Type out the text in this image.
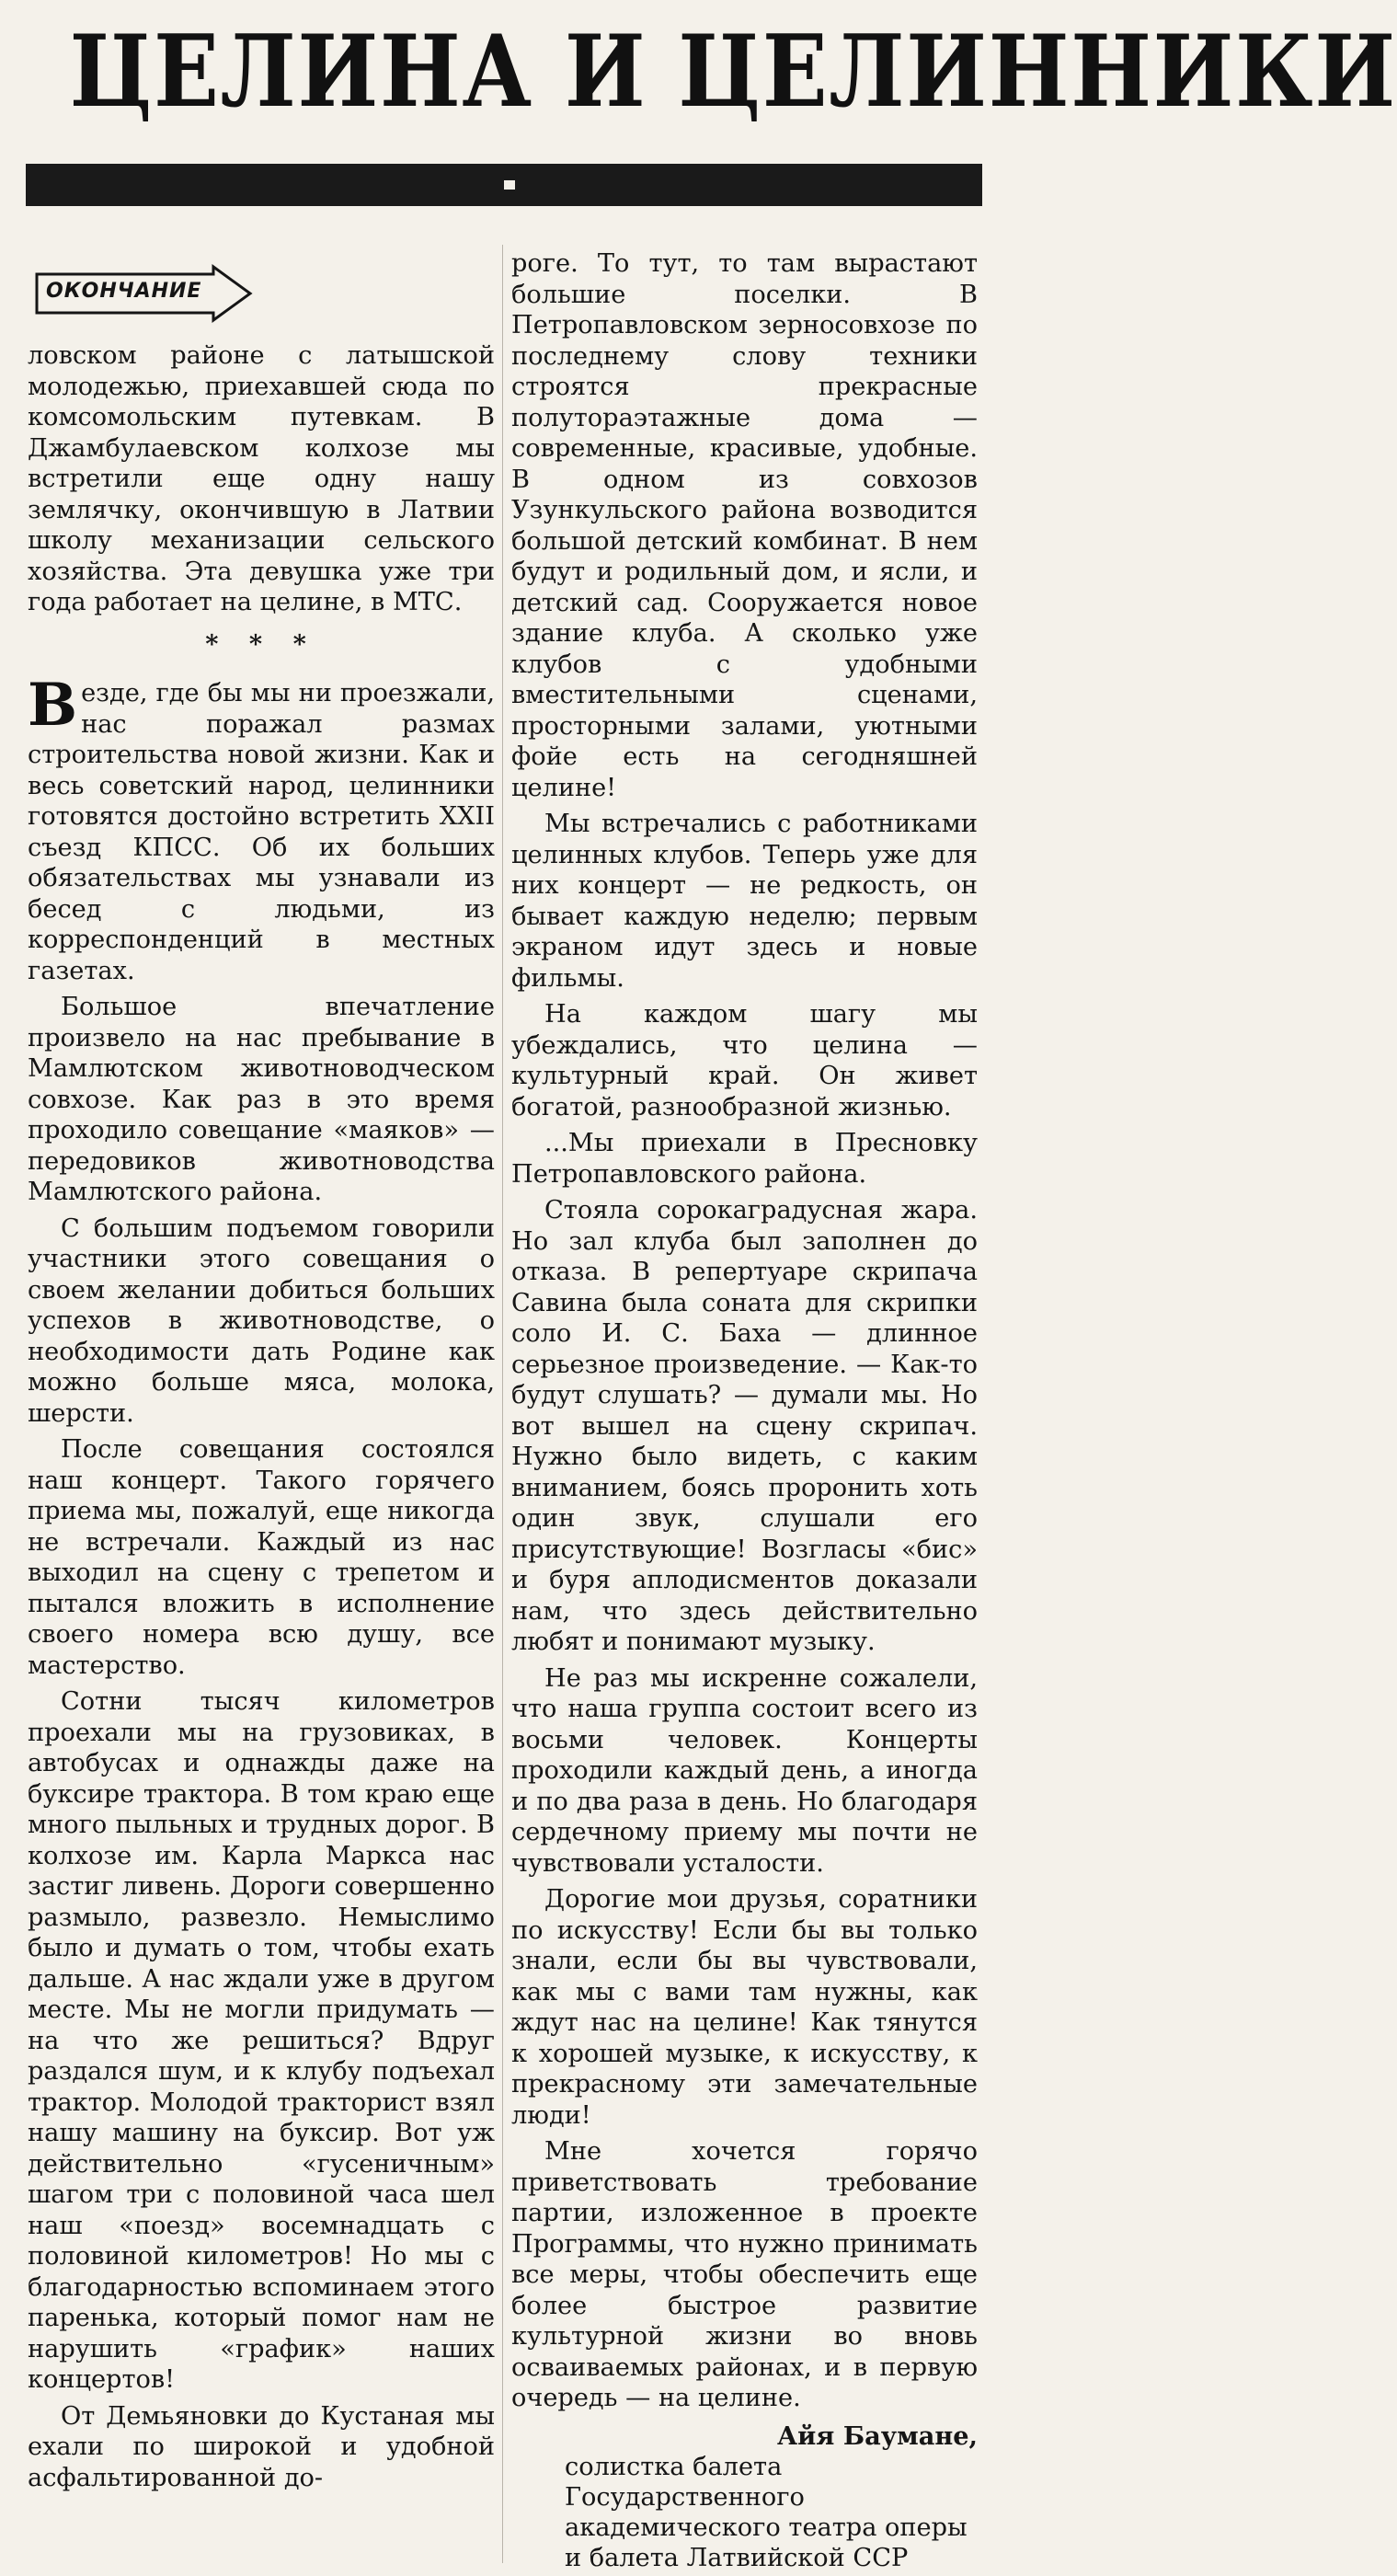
ЦЕЛИНА И ЦЕЛИННИКИ
ОКОНЧАНИЕ

ловском районе с латышской молодежью, приехавшей сюда по комсомольским путевкам. В Джамбулаевском колхозе мы встретили еще одну нашу землячку, окончившую в Латвии школу механизации сельского хозяйства. Эта девушка уже три года работает на целине, в МТС.

* * *

Везде, где бы мы ни проезжали, нас поражал размах строительства новой жизни. Как и весь советский народ, целинники готовятся достойно встретить XXII съезд КПСС. Об их больших обязательствах мы узнавали из бесед с людьми, из корреспонденций в местных газетах.

Большое впечатление произвело на нас пребывание в Мамлютском животноводческом совхозе. Как раз в это время проходило совещание «маяков» — передовиков животноводства Мамлютского района.

С большим подъемом говорили участники этого совещания о своем желании добиться больших успехов в животноводстве, о необходимости дать Родине как можно больше мяса, молока, шерсти.

После совещания состоялся наш концерт. Такого горячего приема мы, пожалуй, еще никогда не встречали. Каждый из нас выходил на сцену с трепетом и пытался вложить в исполнение своего номера всю душу, все мастерство.

Сотни тысяч километров проехали мы на грузовиках, в автобусах и однажды даже на буксире трактора. В том краю еще много пыльных и трудных дорог. В колхозе им. Карла Маркса нас застиг ливень. Дороги совершенно размыло, развезло. Немыслимо было и думать о том, чтобы ехать дальше. А нас ждали уже в другом месте. Мы не могли придумать — на что же решиться? Вдруг раздался шум, и к клубу подъехал трактор. Молодой тракторист взял нашу машину на буксир. Вот уж действительно «гусеничным» шагом три с половиной часа шел наш «поезд» восемнадцать с половиной километров! Но мы с благодарностью вспоминаем этого паренька, который помог нам не нарушить «график» наших концертов!

От Демьяновки до Кустаная мы ехали по широкой и удобной асфальтированной до-

роге. То тут, то там вырастают большие поселки. В Петропавловском зерносовхозе по последнему слову техники строятся прекрасные полутораэтажные дома — современные, красивые, удобные. В одном из совхозов Узункульского района возводится большой детский комбинат. В нем будут и родильный дом, и ясли, и детский сад. Сооружается новое здание клуба. А сколько уже клубов с удобными вместительными сценами, просторными залами, уютными фойе есть на сегодняшней целине!

Мы встречались с работниками целинных клубов. Теперь уже для них концерт — не редкость, он бывает каждую неделю; первым экраном идут здесь и новые фильмы.

На каждом шагу мы убеждались, что целина — культурный край. Он живет богатой, разнообразной жизнью.

...Мы приехали в Пресновку Петропавловского района.

Стояла сорокаградусная жара. Но зал клуба был заполнен до отказа. В репертуаре скрипача Савина была соната для скрипки соло И. С. Баха — длинное серьезное произведение. — Как-то будут слушать? — думали мы. Но вот вышел на сцену скрипач. Нужно было видеть, с каким вниманием, боясь проронить хоть один звук, слушали его присутствующие! Возгласы «бис» и буря аплодисментов доказали нам, что здесь действительно любят и понимают музыку.

Не раз мы искренне сожалели, что наша группа состоит всего из восьми человек. Концерты проходили каждый день, а иногда и по два раза в день. Но благодаря сердечному приему мы почти не чувствовали усталости.

Дорогие мои друзья, соратники по искусству! Если бы вы только знали, если бы вы чувствовали, как мы с вами там нужны, как ждут нас на целине! Как тянутся к хорошей музыке, к искусству, к прекрасному эти замечательные люди!

Мне хочется горячо приветствовать требование партии, изложенное в проекте Программы, что нужно принимать все меры, чтобы обеспечить еще более быстрое развитие культурной жизни во вновь осваиваемых районах, и в первую очередь — на целине.

Айя Бауманe,

солистка балета Государственного академического театра оперы и балета Латвийской ССР
